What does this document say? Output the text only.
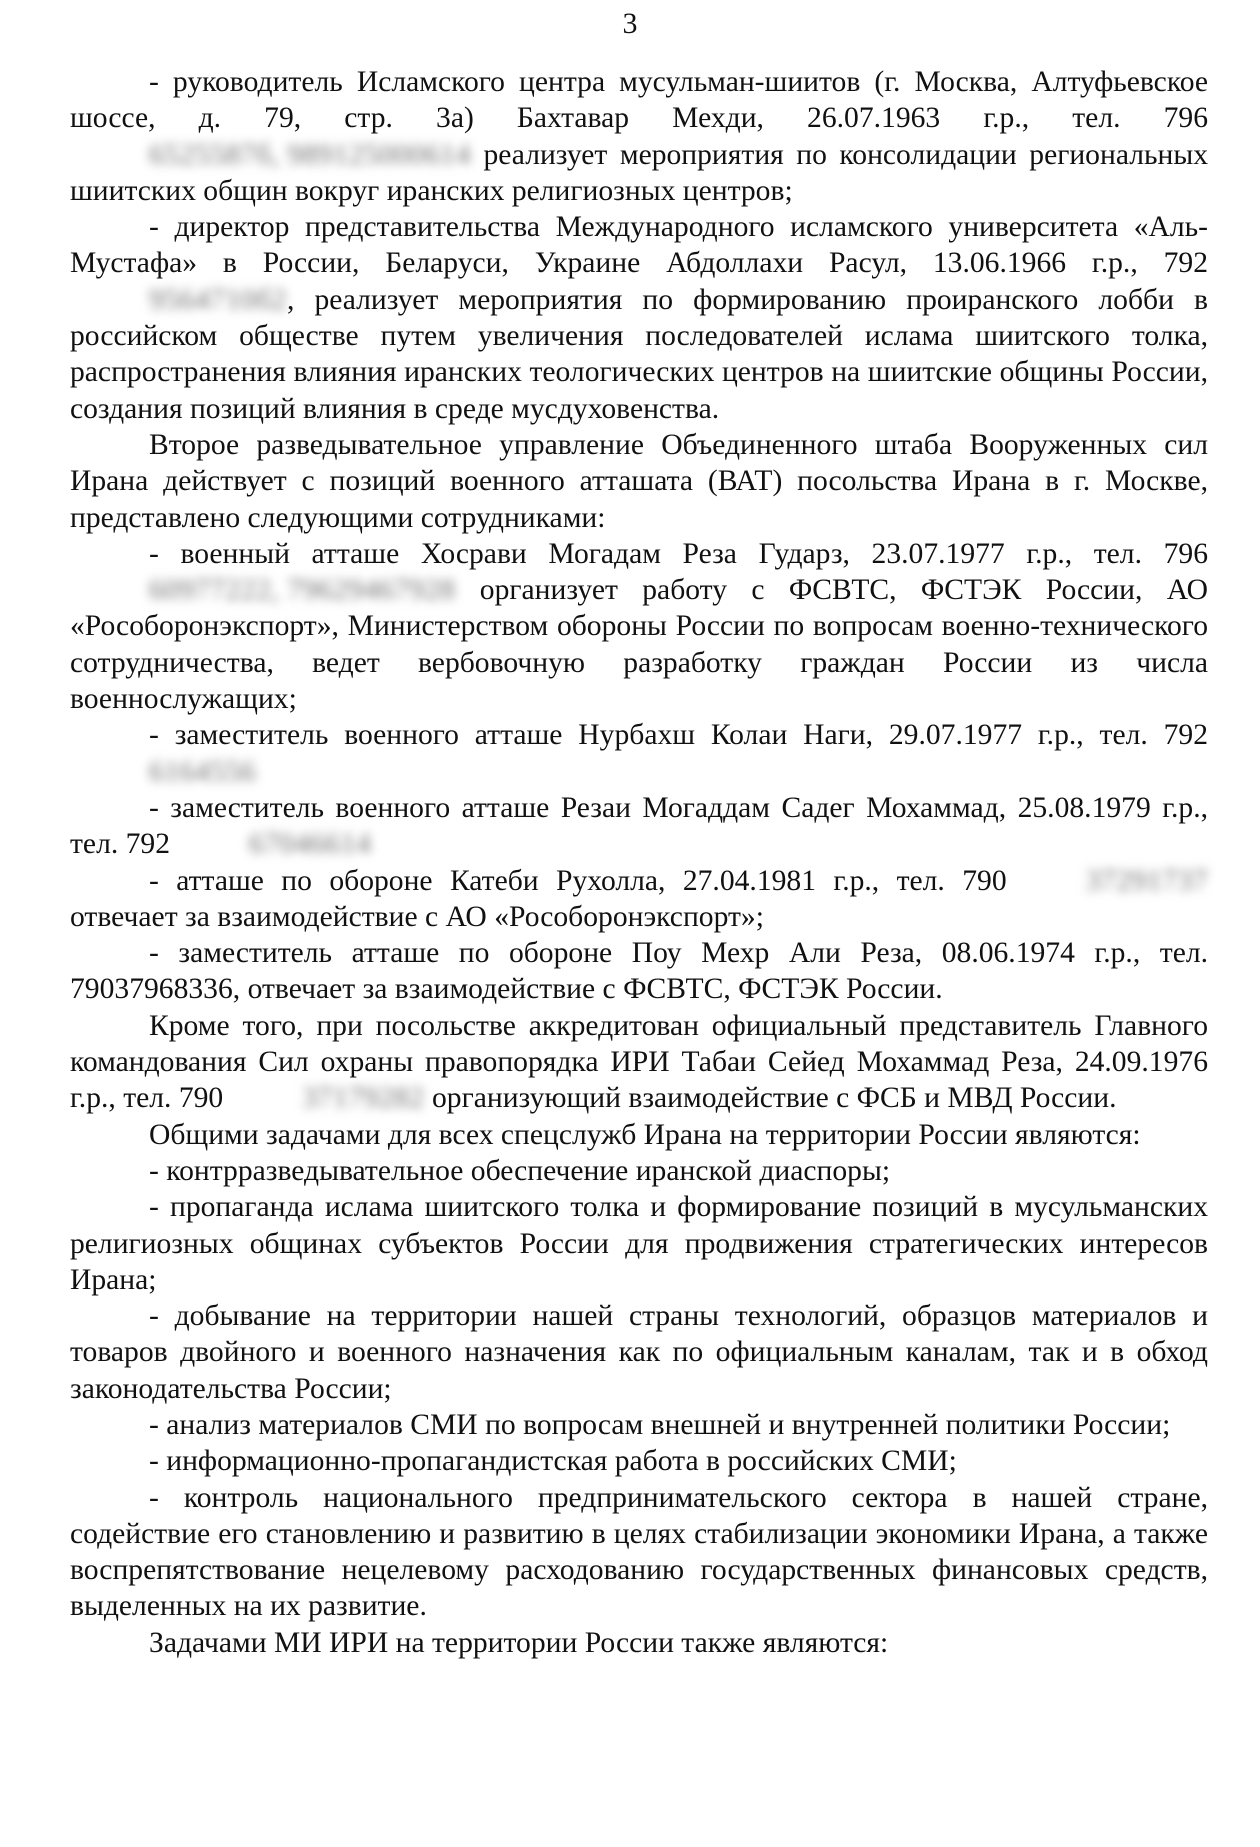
3

- руководитель Исламского центра мусульман-шиитов (г. Москва, Алтуфьевское шоссе, д. 79, стр. 3а) Бахтавар Мехди, 26.07.1963 г.р., тел. 7966525587б, 989125000614 реализует мероприятия по консолидации региональных шиитских общин вокруг иранских религиозных центров;

- директор представительства Международного исламского университета «Аль-Мустафа» в России, Беларуси, Украине Абдоллахи Расул, 13.06.1966 г.р., 7929564710б2, реализует мероприятия по формированию проиранского лобби в российском обществе путем увеличения последователей ислама шиитского толка, распространения влияния иранских теологических центров на шиитские общины России, создания позиций влияния в среде мусдуховенства.

Второе разведывательное управление Объединенного штаба Вооруженных сил Ирана действует с позиций военного атташата (ВАТ) посольства Ирана в г. Москве, представлено следующими сотрудниками:

- военный атташе Хосрави Могадам Реза Гударз, 23.07.1977 г.р., тел. 79660977222, 79629467928 организует работу с ФСВТС, ФСТЭК России, АО «Рособоронэкспорт», Министерством обороны России по вопросам военно-технического сотрудничества, ведет вербовочную разработку граждан России из числа военнослужащих;

- заместитель военного атташе Нурбахш Колаи Наги, 29.07.1977 г.р., тел. 7926164556

- заместитель военного атташе Резаи Могаддам Садег Мохаммад, 25.08.1979 г.р., тел. 792	67046614

- атташе по обороне Катеби Рухолла, 27.04.1981 г.р., тел. 790	37291737 отвечает за взаимодействие с АО «Рособоронэкспорт»;

- заместитель атташе по обороне Поу Мехр Али Реза, 08.06.1974 г.р., тел. 79037968336, отвечает за взаимодействие с ФСВТС, ФСТЭК России.

Кроме того, при посольстве аккредитован официальный представитель Главного командования Сил охраны правопорядка ИРИ Табаи Сейед Мохаммад Реза, 24.09.1976 г.р., тел. 790	37179282 организующий взаимодействие с ФСБ и МВД России.

Общими задачами для всех спецслужб Ирана на территории России являются:

- контрразведывательное обеспечение иранской диаспоры;

- пропаганда ислама шиитского толка и формирование позиций в мусульманских религиозных общинах субъектов России для продвижения стратегических интересов Ирана;

- добывание на территории нашей страны технологий, образцов материалов и товаров двойного и военного назначения как по официальным каналам, так и в обход законодательства России;

- анализ материалов СМИ по вопросам внешней и внутренней политики России;

- информационно-пропагандистская работа в российских СМИ;

- контроль национального предпринимательского сектора в нашей стране, содействие его становлению и развитию в целях стабилизации экономики Ирана, а также воспрепятствование нецелевому расходованию государственных финансовых средств, выделенных на их развитие.

Задачами МИ ИРИ на территории России также являются:
